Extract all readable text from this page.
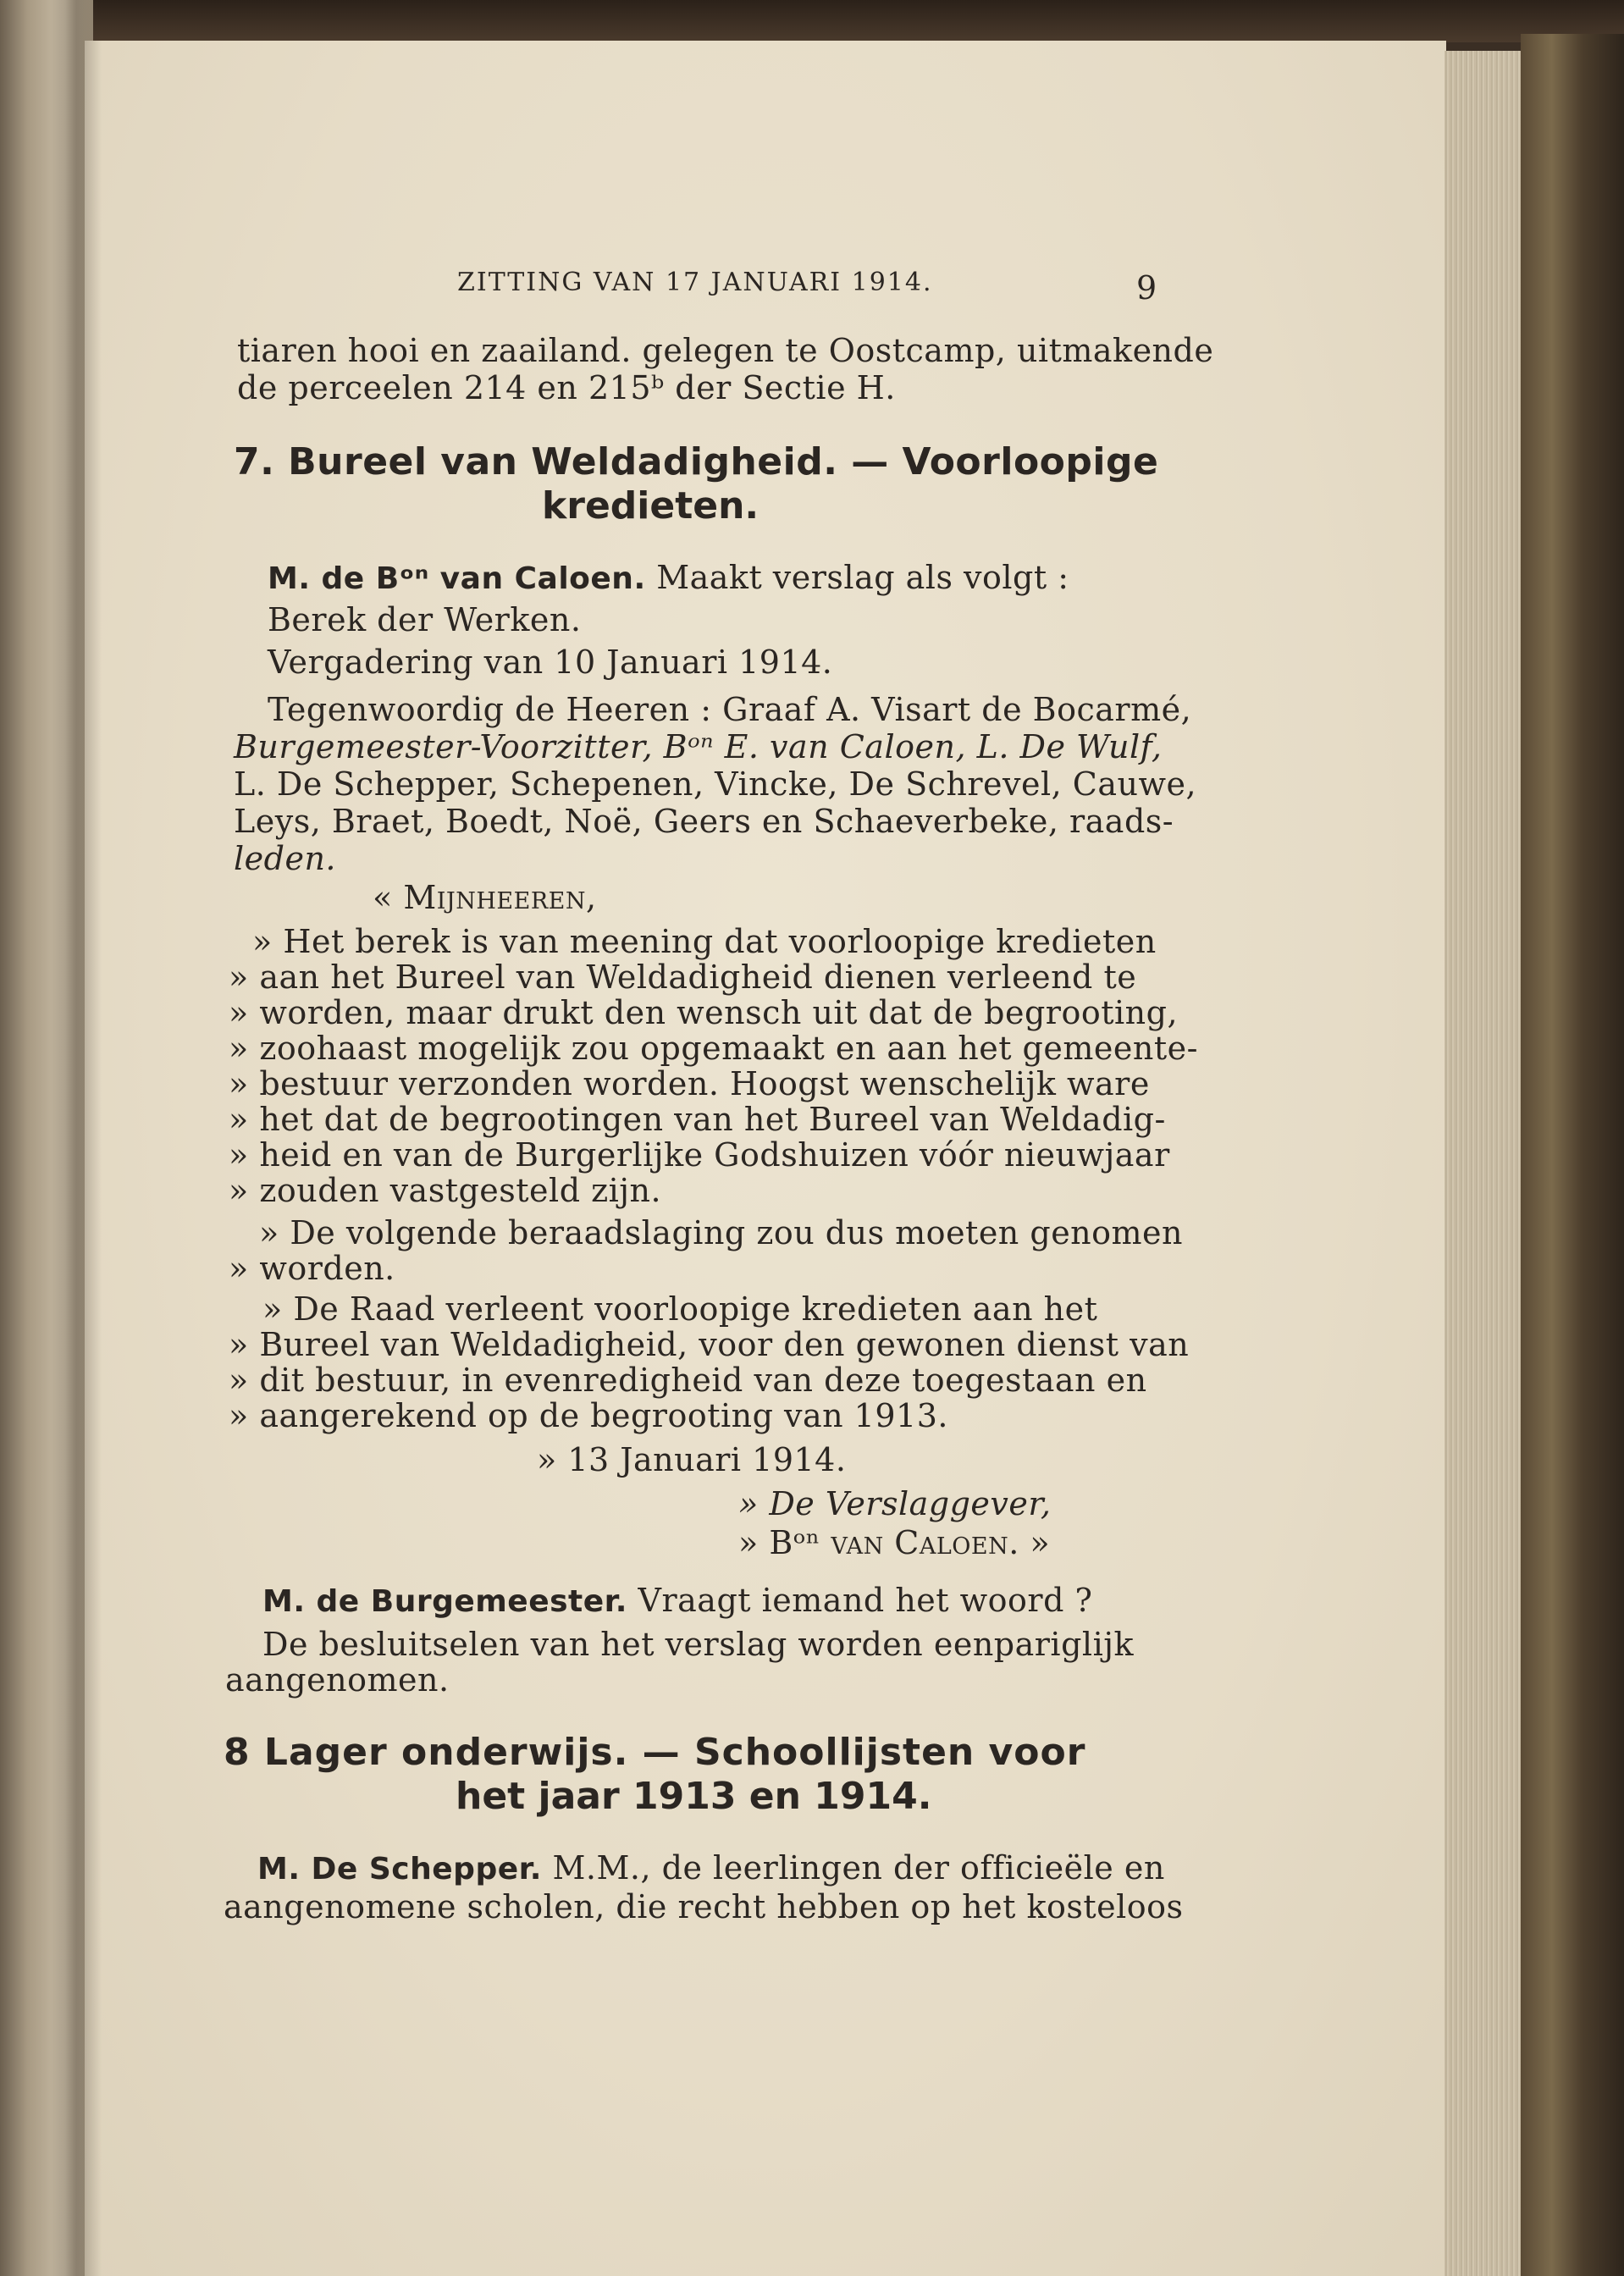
ZITTING VAN 17 JANUARI 1914.	9
tiaren hooi en zaailand. gelegen te Oostcamp, uitmakende
de perceelen 214 en 215ᵇ der Sectie H.
7. Bureel van Weldadigheid. — Voorloopige
kredieten.
M. de Bᵒⁿ van Caloen. Maakt verslag als volgt :
Berek der Werken.
Vergadering van 10 Januari 1914.
Tegenwoordig de Heeren : Graaf A. Visart de Bocarmé,
Burgemeester-Voorzitter, Bᵒⁿ E. van Caloen, L. De Wulf,
L. De Schepper, Schepenen, Vincke, De Schrevel, Cauwe,
Leys, Braet, Boedt, Noë, Geers en Schaeverbeke, raads-
leden.
« Mijnheeren,
» Het berek is van meening dat voorloopige kredieten
» aan het Bureel van Weldadigheid dienen verleend te
» worden, maar drukt den wensch uit dat de begrooting,
» zoohaast mogelijk zou opgemaakt en aan het gemeente-
» bestuur verzonden worden. Hoogst wenschelijk ware
» het dat de begrootingen van het Bureel van Weldadig-
» heid en van de Burgerlijke Godshuizen vóór nieuwjaar
» zouden vastgesteld zijn.
» De volgende beraadslaging zou dus moeten genomen
» worden.
» De Raad verleent voorloopige kredieten aan het
» Bureel van Weldadigheid, voor den gewonen dienst van
» dit bestuur, in evenredigheid van deze toegestaan en
» aangerekend op de begrooting van 1913.
» 13 Januari 1914.
» De Verslaggever,
» Bᵒⁿ van Caloen. »
M. de Burgemeester. Vraagt iemand het woord ?
De besluitselen van het verslag worden eenpariglijk
aangenomen.
8 Lager onderwijs. — Schoollijsten voor
het jaar 1913 en 1914.
M. De Schepper. M.M., de leerlingen der officieële en
aangenomene scholen, die recht hebben op het kosteloos
